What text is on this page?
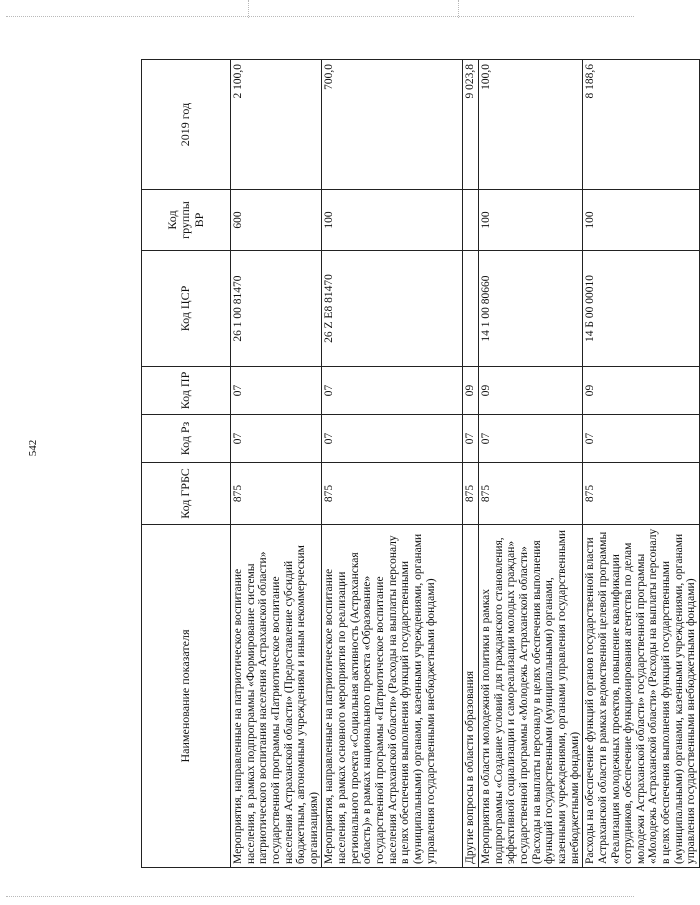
542
Наименование показателя	Код ГРБС	Код Рз	Код ПР	Код ЦСР	Код группы ВР	2019 год
Мероприятия, направленные на патриотическое воспитание населения, в рамках подпрограммы «Формирование системы патриотического воспитания населения Астраханской области» государственной программы «Патриотическое воспитание населения Астраханской области» (Предоставление субсидий бюджетным, автономным учреждениям и иным некоммерческим организациям)	875	07	07	26 1 00 81470	600	2 100,0
Мероприятия, направленные на патриотическое воспитание населения, в рамках основного мероприятия по реализации регионального проекта «Социальная активность (Астраханская область)» в рамках национального проекта «Образование» государственной программы «Патриотическое воспитание населения Астраханской области» (Расходы на выплаты персоналу в целях обеспечения выполнения функций государственными (муниципальными) органами, казенными учреждениями, органами управления государственными внебюджетными фондами)	875	07	07	26 Z E8 81470	100	700,0
Другие вопросы в области образования	875	07	09			9 023,8
Мероприятия в области молодежной политики в рамках подпрограммы «Создание условий для гражданского становления, эффективной социализации и самореализации молодых граждан» государственной программы «Молодежь Астраханской области» (Расходы на выплаты персоналу в целях обеспечения выполнения функций государственными (муниципальными) органами, казенными учреждениями, органами управления государственными внебюджетными фондами)	875	07	09	14 1 00 80660	100	100,0
Расходы на обеспечение функций органов государственной власти Астраханской области в рамках ведомственной целевой программы «Реализация молодежных проектов, повышение квалификации сотрудников, обеспечение функционирования агентства по делам молодежи Астраханской области» государственной программы «Молодежь Астраханской области» (Расходы на выплаты персоналу в целях обеспечения выполнения функций государственными (муниципальными) органами, казенными учреждениями, органами управления государственными внебюджетными фондами)	875	07	09	14 Б 00 00010	100	8 188,6
